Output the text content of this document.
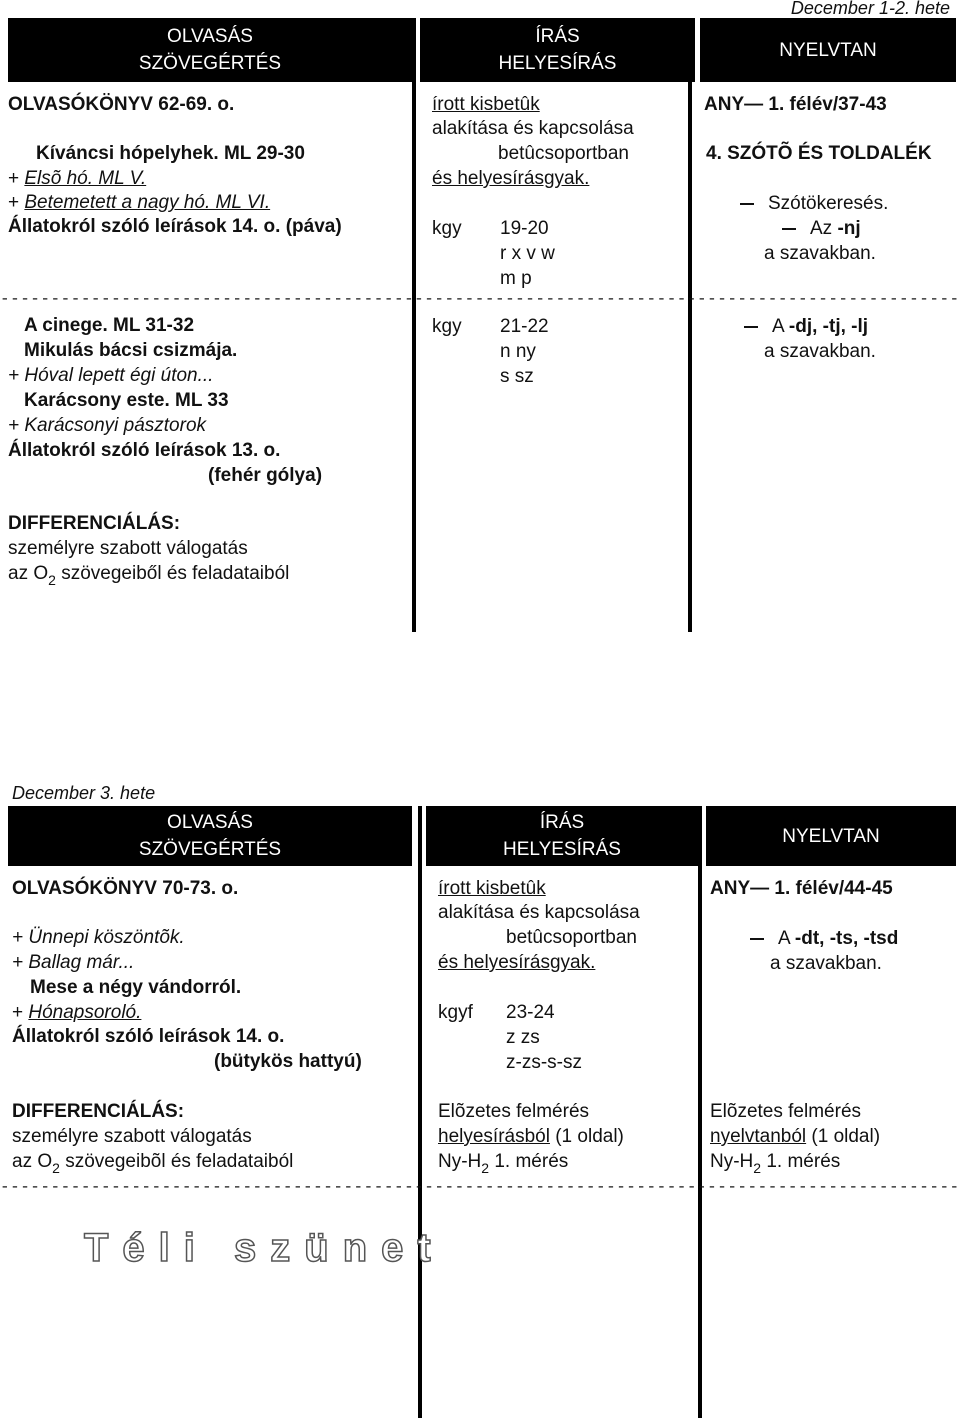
December 1-2. hete
OLVASÁS
SZÖVEGÉRTÉS
ÍRÁS
HELYESÍRÁS
NYELVTAN
OLVASÓKÖNYV 62-69. o.
Kíváncsi hópelyhek. ML 29-30
+ Elsõ hó. ML V.
+ Betemetett a nagy hó. ML VI.
Állatokról szóló leírások 14. o. (páva)
-----
A cinege. ML 31-32
Mikulás bácsi csizmája.
+ Hóval lepett égi úton...
Karácsony este. ML 33
+ Karácsonyi pásztorok
Állatokról szóló leírások 13. o.
(fehér gólya)
DIFFERENCIÁLÁS:
személyre szabott válogatás
az $O_2$ szövegeiből és feladataiból
írott kisbetûk
alakítása és kapcsolása
betûcsoportban
és helyesírásgyak.
kgy 19-20
r x v w
m p
kgy 21-22
n ny
s sz
ANY— 1. félév/37-43
4. SZÓTÕ ÉS TOLDALÉK
Szótökeresés.
Az -nj
a szavakban.
A -dj, -tj, -lj
a szavakban.
December 3. hete
OLVASÁS
SZÖVEGÉRTÉS
ÍRÁS
HELYESÍRÁS
NYELVTAN
OLVASÓKÖNYV 70-73. o.
+ Ünnepi köszöntõk.
+ Ballag már...
Mese a négy vándorról.
+ Hónapsoroló.
Állatokról szóló leírások 14. o.
(bütykös hattyú)
DIFFERENCIÁLÁS:
személyre szabott válogatás
az $O_2$ szövegeibõl és feladataiból
írott kisbetûk
alakítása és kapcsolása
betûcsoportban
és helyesírásgyak.
kgyf 23-24
z zs
z-zs-s-sz
Elõzetes felmérés
helyesírásból (1 oldal)
$Ny-H_2$ 1. mérés
ANY— 1. félév/44-45
A -dt, -ts, -tsd
a szavakban.
Elõzetes felmérés
nyelvtanból (1 oldal)
$Ny-H_2$ 1. mérés
-----
Téli szünet
